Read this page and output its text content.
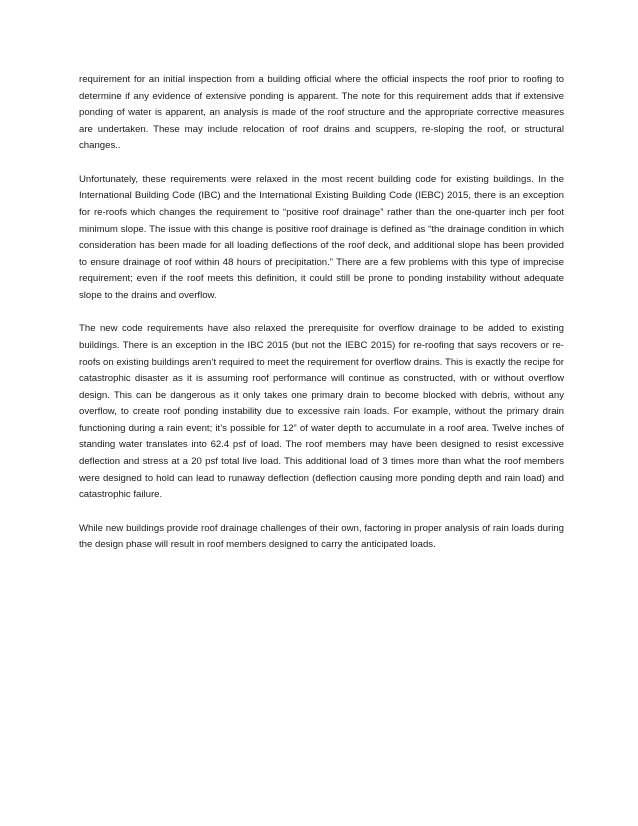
requirement for an initial inspection from a building official where the official inspects the roof prior to roofing to determine if any evidence of extensive ponding is apparent. The note for this requirement adds that if extensive ponding of water is apparent, an analysis is made of the roof structure and the appropriate corrective measures are undertaken. These may include relocation of roof drains and scuppers, re-sloping the roof, or structural changes..

Unfortunately, these requirements were relaxed in the most recent building code for existing buildings. In the International Building Code (IBC) and the International Existing Building Code (IEBC) 2015, there is an exception for re-roofs which changes the requirement to “positive roof drainage” rather than the one-quarter inch per foot minimum slope. The issue with this change is positive roof drainage is defined as “the drainage condition in which consideration has been made for all loading deflections of the roof deck, and additional slope has been provided to ensure drainage of roof within 48 hours of precipitation.” There are a few problems with this type of imprecise requirement; even if the roof meets this definition, it could still be prone to ponding instability without adequate slope to the drains and overflow.

The new code requirements have also relaxed the prerequisite for overflow drainage to be added to existing buildings. There is an exception in the IBC 2015 (but not the IEBC 2015) for re-roofing that says recovers or re-roofs on existing buildings aren’t required to meet the requirement for overflow drains. This is exactly the recipe for catastrophic disaster as it is assuming roof performance will continue as constructed, with or without overflow design. This can be dangerous as it only takes one primary drain to become blocked with debris, without any overflow, to create roof ponding instability due to excessive rain loads. For example, without the primary drain functioning during a rain event; it’s possible for 12” of water depth to accumulate in a roof area. Twelve inches of standing water translates into 62.4 psf of load. The roof members may have been designed to resist excessive deflection and stress at a 20 psf total live load. This additional load of 3 times more than what the roof members were designed to hold can lead to runaway deflection (deflection causing more ponding depth and rain load) and catastrophic failure.

While new buildings provide roof drainage challenges of their own, factoring in proper analysis of rain loads during the design phase will result in roof members designed to carry the anticipated loads.
